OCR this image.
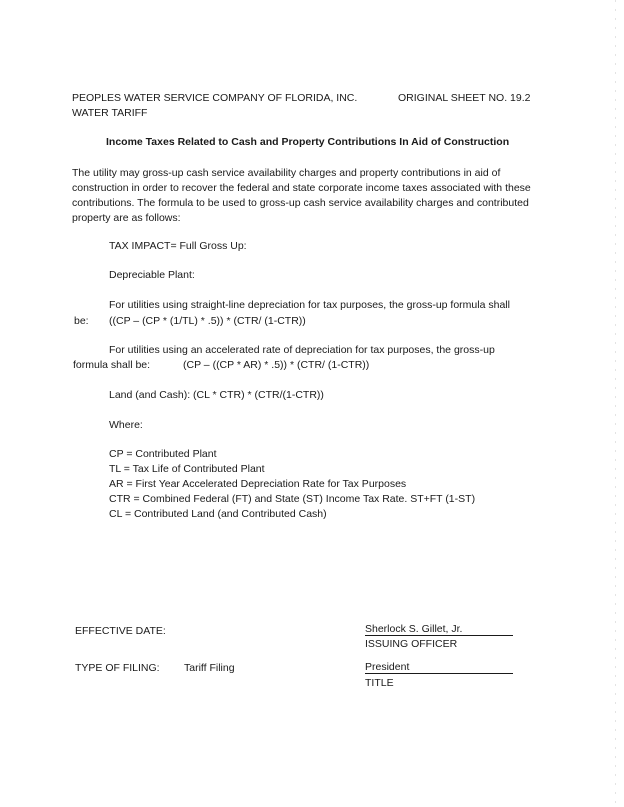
PEOPLES WATER SERVICE COMPANY OF FLORIDA, INC.
WATER TARIFF
ORIGINAL SHEET NO. 19.2
Income Taxes Related to Cash and Property Contributions In Aid of Construction
The utility may gross-up cash service availability charges and property contributions in aid of construction in order to recover the federal and state corporate income taxes associated with these contributions. The formula to be used to gross-up cash service availability charges and contributed property are as follows:
TAX IMPACT= Full Gross Up:
Depreciable Plant:
For utilities using straight-line depreciation for tax purposes, the gross-up formula shall
be: ((CP – (CP * (1/TL) * .5)) * (CTR/ (1-CTR))
For utilities using an accelerated rate of depreciation for tax purposes, the gross-up
formula shall be:	(CP – ((CP * AR) * .5)) * (CTR/ (1-CTR))
Land (and Cash): (CL * CTR) * (CTR/(1-CTR))
Where:
CP = Contributed Plant
TL = Tax Life of Contributed Plant
AR = First Year Accelerated Depreciation Rate for Tax Purposes
CTR = Combined Federal (FT) and State (ST) Income Tax Rate. ST+FT (1-ST)
CL = Contributed Land (and Contributed Cash)
EFFECTIVE DATE:
TYPE OF FILING: Tariff Filing
Sherlock S. Gillet, Jr.
ISSUING OFFICER
President
TITLE
